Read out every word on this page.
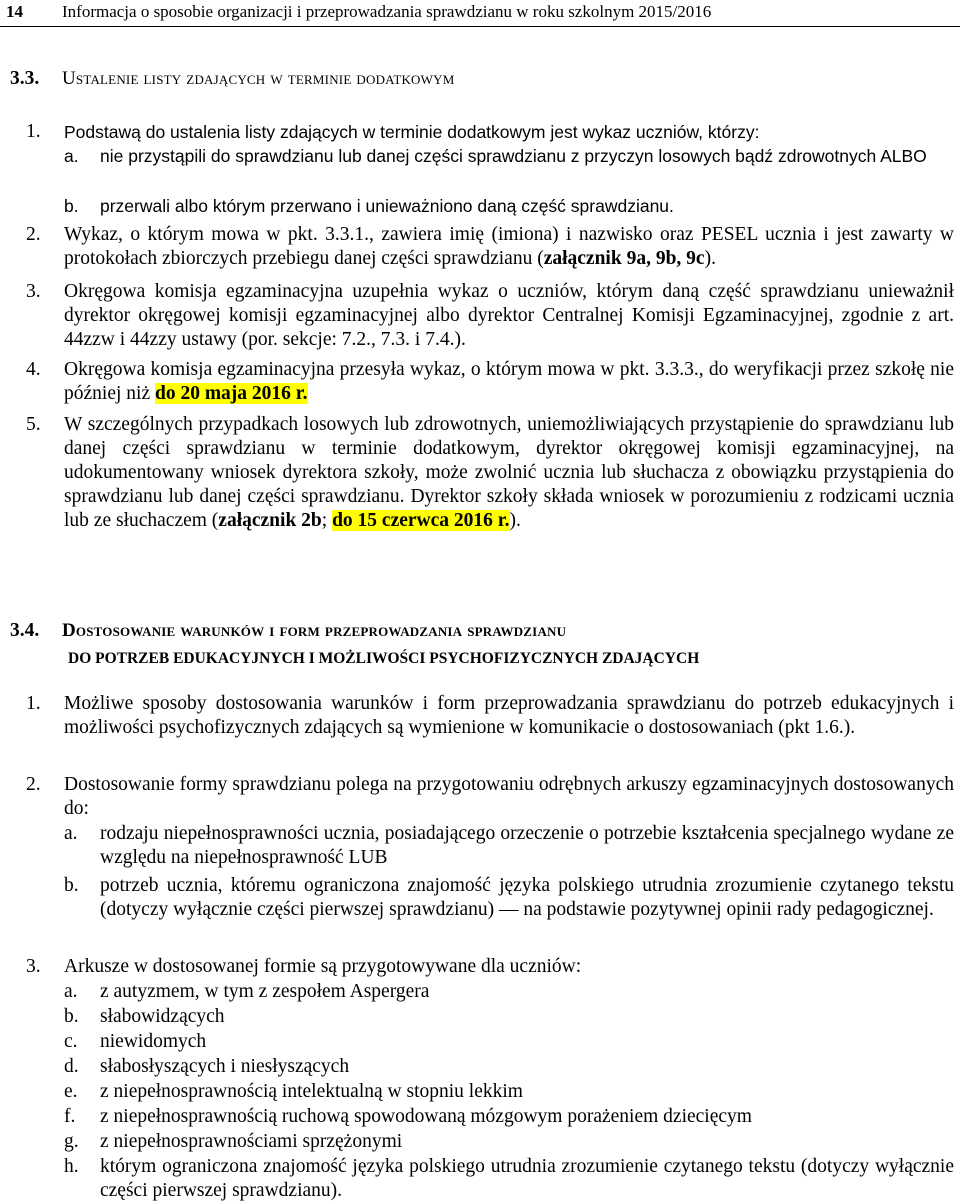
14 Informacja o sposobie organizacji i przeprowadzania sprawdzianu w roku szkolnym 2015/2016
3.3. Ustalenie listy zdających w terminie dodatkowym
1.	Podstawą do ustalenia listy zdających w terminie dodatkowym jest wykaz uczniów, którzy:
a.	nie przystąpili do sprawdzianu lub danej części sprawdzianu z przyczyn losowych bądź zdrowotnych ALBO
b.	przerwali albo którym przerwano i unieważniono daną część sprawdzianu.
2.	Wykaz, o którym mowa w pkt. 3.3.1., zawiera imię (imiona) i nazwisko oraz PESEL ucznia i jest zawarty w protokołach zbiorczych przebiegu danej części sprawdzianu (załącznik 9a, 9b, 9c).
3.	Okręgowa komisja egzaminacyjna uzupełnia wykaz o uczniów, którym daną część sprawdzianu unieważnił dyrektor okręgowej komisji egzaminacyjnej albo dyrektor Centralnej Komisji Egzaminacyjnej, zgodnie z art. 44zzw i 44zzy ustawy (por. sekcje: 7.2., 7.3. i 7.4.).
4.	Okręgowa komisja egzaminacyjna przesyła wykaz, o którym mowa w pkt. 3.3.3., do weryfikacji przez szkołę nie później niż do 20 maja 2016 r.
5.	W szczególnych przypadkach losowych lub zdrowotnych, uniemożliwiających przystąpienie do sprawdzianu lub danej części sprawdzianu w terminie dodatkowym, dyrektor okręgowej komisji egzaminacyjnej, na udokumentowany wniosek dyrektora szkoły, może zwolnić ucznia lub słuchacza z obowiązku przystąpienia do sprawdzianu lub danej części sprawdzianu. Dyrektor szkoły składa wniosek w porozumieniu z rodzicami ucznia lub ze słuchaczem (załącznik 2b; do 15 czerwca 2016 r.).
3.4. Dostosowanie warunków i form przeprowadzania sprawdzianu
DO POTRZEB EDUKACYJNYCH I MOŻLIWOŚCI PSYCHOFIZYCZNYCH ZDAJĄCYCH
1.	Możliwe sposoby dostosowania warunków i form przeprowadzania sprawdzianu do potrzeb edukacyjnych i możliwości psychofizycznych zdających są wymienione w komunikacie o dostosowaniach (pkt 1.6.).
2.	Dostosowanie formy sprawdzianu polega na przygotowaniu odrębnych arkuszy egzaminacyjnych dostosowanych do:
a.	rodzaju niepełnosprawności ucznia, posiadającego orzeczenie o potrzebie kształcenia specjalnego wydane ze względu na niepełnosprawność LUB
b.	potrzeb ucznia, któremu ograniczona znajomość języka polskiego utrudnia zrozumienie czytanego tekstu (dotyczy wyłącznie części pierwszej sprawdzianu) — na podstawie pozytywnej opinii rady pedagogicznej.
3.	Arkusze w dostosowanej formie są przygotowywane dla uczniów:
a.	z autyzmem, w tym z zespołem Aspergera
b.	słabowidzących
c.	niewidomych
d.	słabosłyszących i niesłyszących
e.	z niepełnosprawnością intelektualną w stopniu lekkim
f.	z niepełnosprawnością ruchową spowodowaną mózgowym porażeniem dziecięcym
g.	z niepełnosprawnościami sprzężonymi
h.	którym ograniczona znajomość języka polskiego utrudnia zrozumienie czytanego tekstu (dotyczy wyłącznie części pierwszej sprawdzianu).
